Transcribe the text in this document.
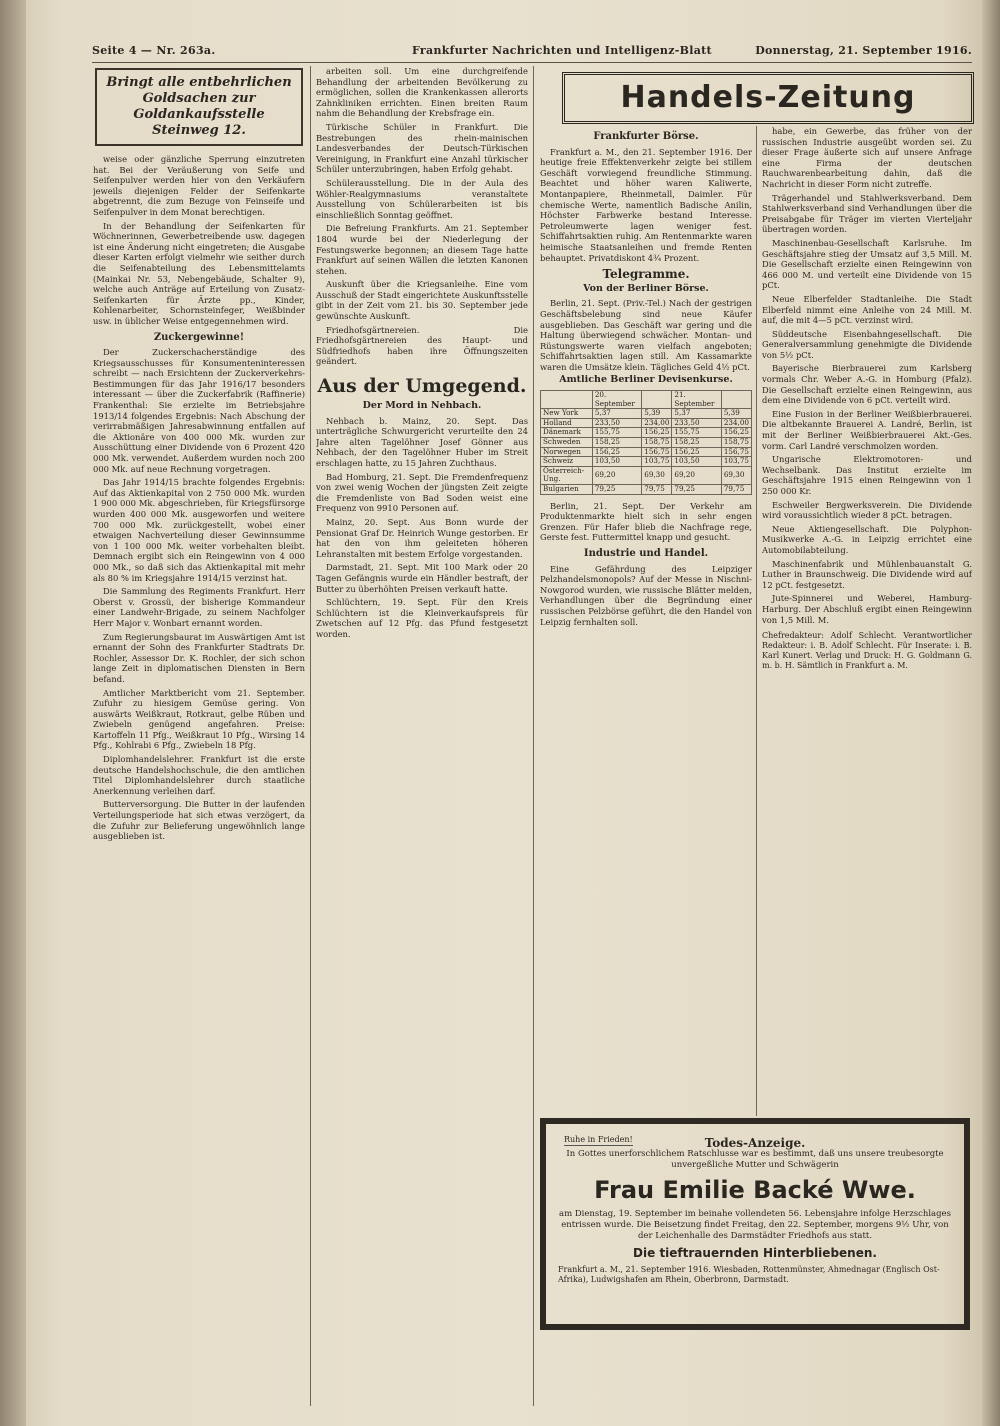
Seite 4 — Nr. 263a.	Frankfurter Nachrichten und Intelligenz-Blatt	Donnerstag, 21. September 1916.
Bringt alle entbehrlichen Goldsachen zur Goldankaufsstelle Steinweg 12.

weise oder gänzliche Sperrung einzutreten hat. Bei der Veräußerung von Seife und Seifenpulver werden hier von den Verkäufern jeweils diejenigen Felder der Seifenkarte abgetrennt, die zum Bezuge von Feinseife und Seifenpulver in dem Monat berechtigen.

In der Behandlung der Seifenkarten für Wöchnerinnen, Gewerbetreibende usw. dagegen ist eine Änderung nicht eingetreten; die Ausgabe dieser Karten erfolgt vielmehr wie seither durch die Seifenabteilung des Lebensmittelamts (Mainkai Nr. 53, Nebengebäude, Schalter 9), welche auch Anträge auf Erteilung von Zusatz-Seifenkarten für Ärzte pp., Kinder, Kohlenarbeiter, Schornsteinfeger, Weißbinder usw. in üblicher Weise entgegennehmen wird.

Zuckergewinne!

Der Zuckerschacherständige des Kriegsausschusses für Konsumenteninteressen schreibt — nach Ersichtenn der Zuckerverkehrs-Bestimmungen für das Jahr 1916/17 besonders interessant — über die Zuckerfabrik (Raffinerie) Frankenthal: Sie erzielte im Betriebsjahre 1913/14 folgendes Ergebnis: Nach Abschung der verirrabmäßigen Jahresabwinnung entfallen auf die Aktionäre von 400 000 Mk. wurden zur Ausschüttung einer Dividende von 6 Prozent 420 000 Mk. verwendet. Außerdem wurden noch 200 000 Mk. auf neue Rechnung vorgetragen.

Das Jahr 1914/15 brachte folgendes Ergebnis: Auf das Aktienkapital von 2 750 000 Mk. wurden 1 900 000 Mk. abgeschrieben, für Kriegsfürsorge wurden 400 000 Mk. ausgeworfen und weitere 700 000 Mk. zurückgestellt, wobei einer etwaigen Nachverteilung dieser Gewinnsumme von 1 100 000 Mk. weiter vorbehalten bleibt. Demnach ergibt sich ein Reingewinn von 4 000 000 Mk., so daß sich das Aktienkapital mit mehr als 80 % im Kriegsjahre 1914/15 verzinst hat.

Die Sammlung des Regiments Frankfurt. Herr Oberst v. Grossü, der bisherige Kommandeur einer Landwehr-Brigade, zu seinem Nachfolger Herr Major v. Wonbart ernannt worden.

Zum Regierungsbaurat im Auswärtigen Amt ist ernannt der Sohn des Frankfurter Stadtrats Dr. Rochler, Assessor Dr. K. Rochler, der sich schon lange Zeit in diplomatischen Diensten in Bern befand.

Amtlicher Marktbericht vom 21. September. Zufuhr zu hiesigem Gemüse gering. Von auswärts Weißkraut, Rotkraut, gelbe Rüben und Zwiebeln genügend angefahren. Preise: Kartoffeln 11 Pfg., Weißkraut 10 Pfg., Wirsing 14 Pfg., Kohlrabi 6 Pfg., Zwiebeln 18 Pfg.

Diplomhandelslehrer. Frankfurt ist die erste deutsche Handelshochschule, die den amtlichen Titel Diplomhandelslehrer durch staatliche Anerkennung verleihen darf.

Butterversorgung. Die Butter in der laufenden Verteilungsperiode hat sich etwas verzögert, da die Zufuhr zur Belieferung ungewöhnlich lange ausgeblieben ist.

arbeiten soll. Um eine durchgreifende Behandlung der arbeitenden Bevölkerung zu ermöglichen, sollen die Krankenkassen allerorts Zahnkliniken errichten. Einen breiten Raum nahm die Behandlung der Krebsfrage ein.

Türkische Schüler in Frankfurt. Die Bestrebungen des rhein-mainischen Landesverbandes der Deutsch-Türkischen Vereinigung, in Frankfurt eine Anzahl türkischer Schüler unterzubringen, haben Erfolg gehabt.

Schülerausstellung. Die in der Aula des Wöhler-Realgymnasiums veranstaltete Ausstellung von Schülerarbeiten ist bis einschließlich Sonntag geöffnet.

Die Befreiung Frankfurts. Am 21. September 1804 wurde bei der Niederlegung der Festungswerke begonnen; an diesem Tage hatte Frankfurt auf seinen Wällen die letzten Kanonen stehen.

Auskunft über die Kriegsanleihe. Eine vom Ausschuß der Stadt eingerichtete Auskunftsstelle gibt in der Zeit vom 21. bis 30. September jede gewünschte Auskunft.

Friedhofsgärtnereien. Die Friedhofsgärtnereien des Haupt- und Südfriedhofs haben ihre Öffnungszeiten geändert.

Aus der Umgegend.
Der Mord in Nehbach.

Nehbach b. Mainz, 20. Sept. Das unterträgliche Schwurgericht verurteilte den 24 Jahre alten Tagelöhner Josef Gönner aus Nehbach, der den Tagelöhner Huber im Streit erschlagen hatte, zu 15 Jahren Zuchthaus.

Bad Homburg, 21. Sept. Die Fremdenfrequenz von zwei wenig Wochen der jüngsten Zeit zeigte die Fremdenliste von Bad Soden weist eine Frequenz von 9910 Personen auf.

Mainz, 20. Sept. Aus Bonn wurde der Pensionat Graf Dr. Heinrich Wunge gestorben. Er hat den von ihm geleiteten höheren Lehranstalten mit bestem Erfolge vorgestanden.

Darmstadt, 21. Sept. Mit 100 Mark oder 20 Tagen Gefängnis wurde ein Händler bestraft, der Butter zu überhöhten Preisen verkauft hatte.

Schlüchtern, 19. Sept. Für den Kreis Schlüchtern ist die Kleinverkaufspreis für Zwetschen auf 12 Pfg. das Pfund festgesetzt worden.

Handels-Zeitung
Frankfurter Börse.

Frankfurt a. M., den 21. September 1916. Der heutige freie Effektenverkehr zeigte bei stillem Geschäft vorwiegend freundliche Stimmung. Beachtet und höher waren Kaliwerte, Montanpapiere, Rheinmetall, Daimler. Für chemische Werte, namentlich Badische Anilin, Höchster Farbwerke bestand Interesse. Petroleumwerte lagen weniger fest. Schiffahrtsaktien ruhig. Am Rentenmarkte waren heimische Staatsanleihen und fremde Renten behauptet. Privatdiskont 4¾ Prozent.

Telegramme.
Von der Berliner Börse.

Berlin, 21. Sept. (Priv.-Tel.) Nach der gestrigen Geschäftsbelebung sind neue Käufer ausgeblieben. Das Geschäft war gering und die Haltung überwiegend schwächer. Montan- und Rüstungswerte waren vielfach angeboten; Schiffahrtsaktien lagen still. Am Kassamarkte waren die Umsätze klein. Tägliches Geld 4½ pCt.

Amtliche Berliner Devisenkurse.
	20. September		21. September	
New York	5,37	5,39	5,37	5,39
Holland	233,50	234,00	233,50	234,00
Dänemark	155,75	156,25	155,75	156,25
Schweden	158,25	158,75	158,25	158,75
Norwegen	156,25	156,75	156,25	156,75
Schweiz	103,50	103,75	103,50	103,75
Österreich-Ung.	69,20	69,30	69,20	69,30
Bulgarien	79,25	79,75	79,25	79,75

Berlin, 21. Sept. Der Verkehr am Produktenmarkte hielt sich in sehr engen Grenzen. Für Hafer blieb die Nachfrage rege, Gerste fest. Futtermittel knapp und gesucht.

Industrie und Handel.

Eine Gefährdung des Leipziger Pelzhandelsmonopols? Auf der Messe in Nischni-Nowgorod wurden, wie russische Blätter melden, Verhandlungen über die Begründung einer russischen Pelzbörse geführt, die den Handel von Leipzig fernhalten soll.

habe, ein Gewerbe, das früher von der russischen Industrie ausgeübt worden sei. Zu dieser Frage äußerte sich auf unsere Anfrage eine Firma der deutschen Rauchwarenbearbeitung dahin, daß die Nachricht in dieser Form nicht zutreffe.

Trägerhandel und Stahlwerksverband. Dem Stahlwerksverband sind Verhandlungen über die Preisabgabe für Träger im vierten Vierteljahr übertragen worden.

Maschinenbau-Gesellschaft Karlsruhe. Im Geschäftsjahre stieg der Umsatz auf 3,5 Mill. M. Die Gesellschaft erzielte einen Reingewinn von 466 000 M. und verteilt eine Dividende von 15 pCt.

Neue Elberfelder Stadtanleihe. Die Stadt Elberfeld nimmt eine Anleihe von 24 Mill. M. auf, die mit 4—5 pCt. verzinst wird.

Süddeutsche Eisenbahngesellschaft. Die Generalversammlung genehmigte die Dividende von 5½ pCt.

Bayerische Bierbrauerei zum Karlsberg vormals Chr. Weber A.-G. in Homburg (Pfalz). Die Gesellschaft erzielte einen Reingewinn, aus dem eine Dividende von 6 pCt. verteilt wird.

Eine Fusion in der Berliner Weißbierbrauerei. Die altbekannte Brauerei A. Landré, Berlin, ist mit der Berliner Weißbierbrauerei Akt.-Ges. vorm. Carl Landré verschmolzen worden.

Ungarische Elektromotoren- und Wechselbank. Das Institut erzielte im Geschäftsjahre 1915 einen Reingewinn von 1 250 000 Kr.

Eschweiler Bergwerksverein. Die Dividende wird voraussichtlich wieder 8 pCt. betragen.

Neue Aktiengesellschaft. Die Polyphon-Musikwerke A.-G. in Leipzig errichtet eine Automobilabteilung.

Maschinenfabrik und Mühlenbauanstalt G. Luther in Braunschweig. Die Dividende wird auf 12 pCt. festgesetzt.

Jute-Spinnerei und Weberei, Hamburg-Harburg. Der Abschluß ergibt einen Reingewinn von 1,5 Mill. M.

Chefredakteur: Adolf Schlecht. Verantwortlicher Redakteur: i. B. Adolf Schlecht. Für Inserate: i. B. Karl Kunert. Verlag und Druck: H. G. Goldmann G. m. b. H. Sämtlich in Frankfurt a. M.
Ruhe in Frieden!	Todes-Anzeige.
In Gottes unerforschlichem Ratschlusse war es bestimmt, daß uns unsere treubesorgte unvergeßliche Mutter und Schwägerin
Frau Emilie Backé Wwe.
am Dienstag, 19. September im beinahe vollendeten 56. Lebensjahre infolge Herzschlages entrissen wurde. Die Beisetzung findet Freitag, den 22. September, morgens 9½ Uhr, von der Leichenhalle des Darmstädter Friedhofs aus statt.
Die tieftrauernden Hinterbliebenen.
Frankfurt a. M., 21. September 1916. Wiesbaden, Rottenmünster, Ahmednagar (Englisch Ost-Afrika), Ludwigshafen am Rhein, Oberbronn, Darmstadt.
